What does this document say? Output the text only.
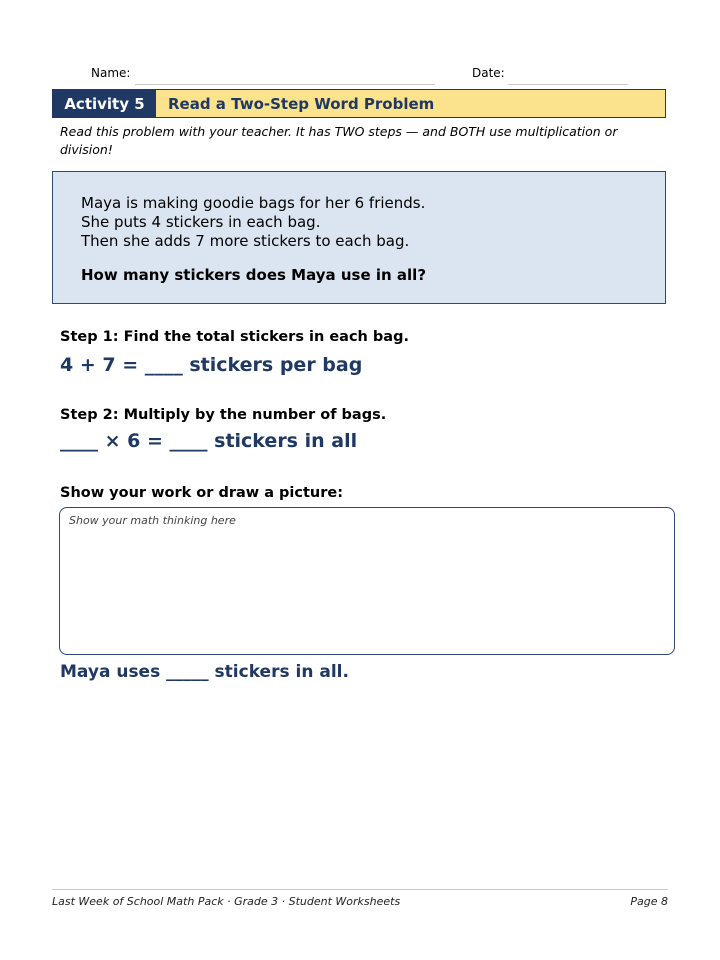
Name:	Date:
Activity 5	Read a Two-Step Word Problem
Read this problem with your teacher. It has TWO steps — and BOTH use multiplication or division!
Maya is making goodie bags for her 6 friends.
She puts 4 stickers in each bag.
Then she adds 7 more stickers to each bag.
How many stickers does Maya use in all?
Step 1: Find the total stickers in each bag.
4 + 7 = ____ stickers per bag
Step 2: Multiply by the number of bags.
____ × 6 = ____ stickers in all
Show your work or draw a picture:
Show your math thinking here
Maya uses _____ stickers in all.
Last Week of School Math Pack · Grade 3 · Student Worksheets	Page 8
